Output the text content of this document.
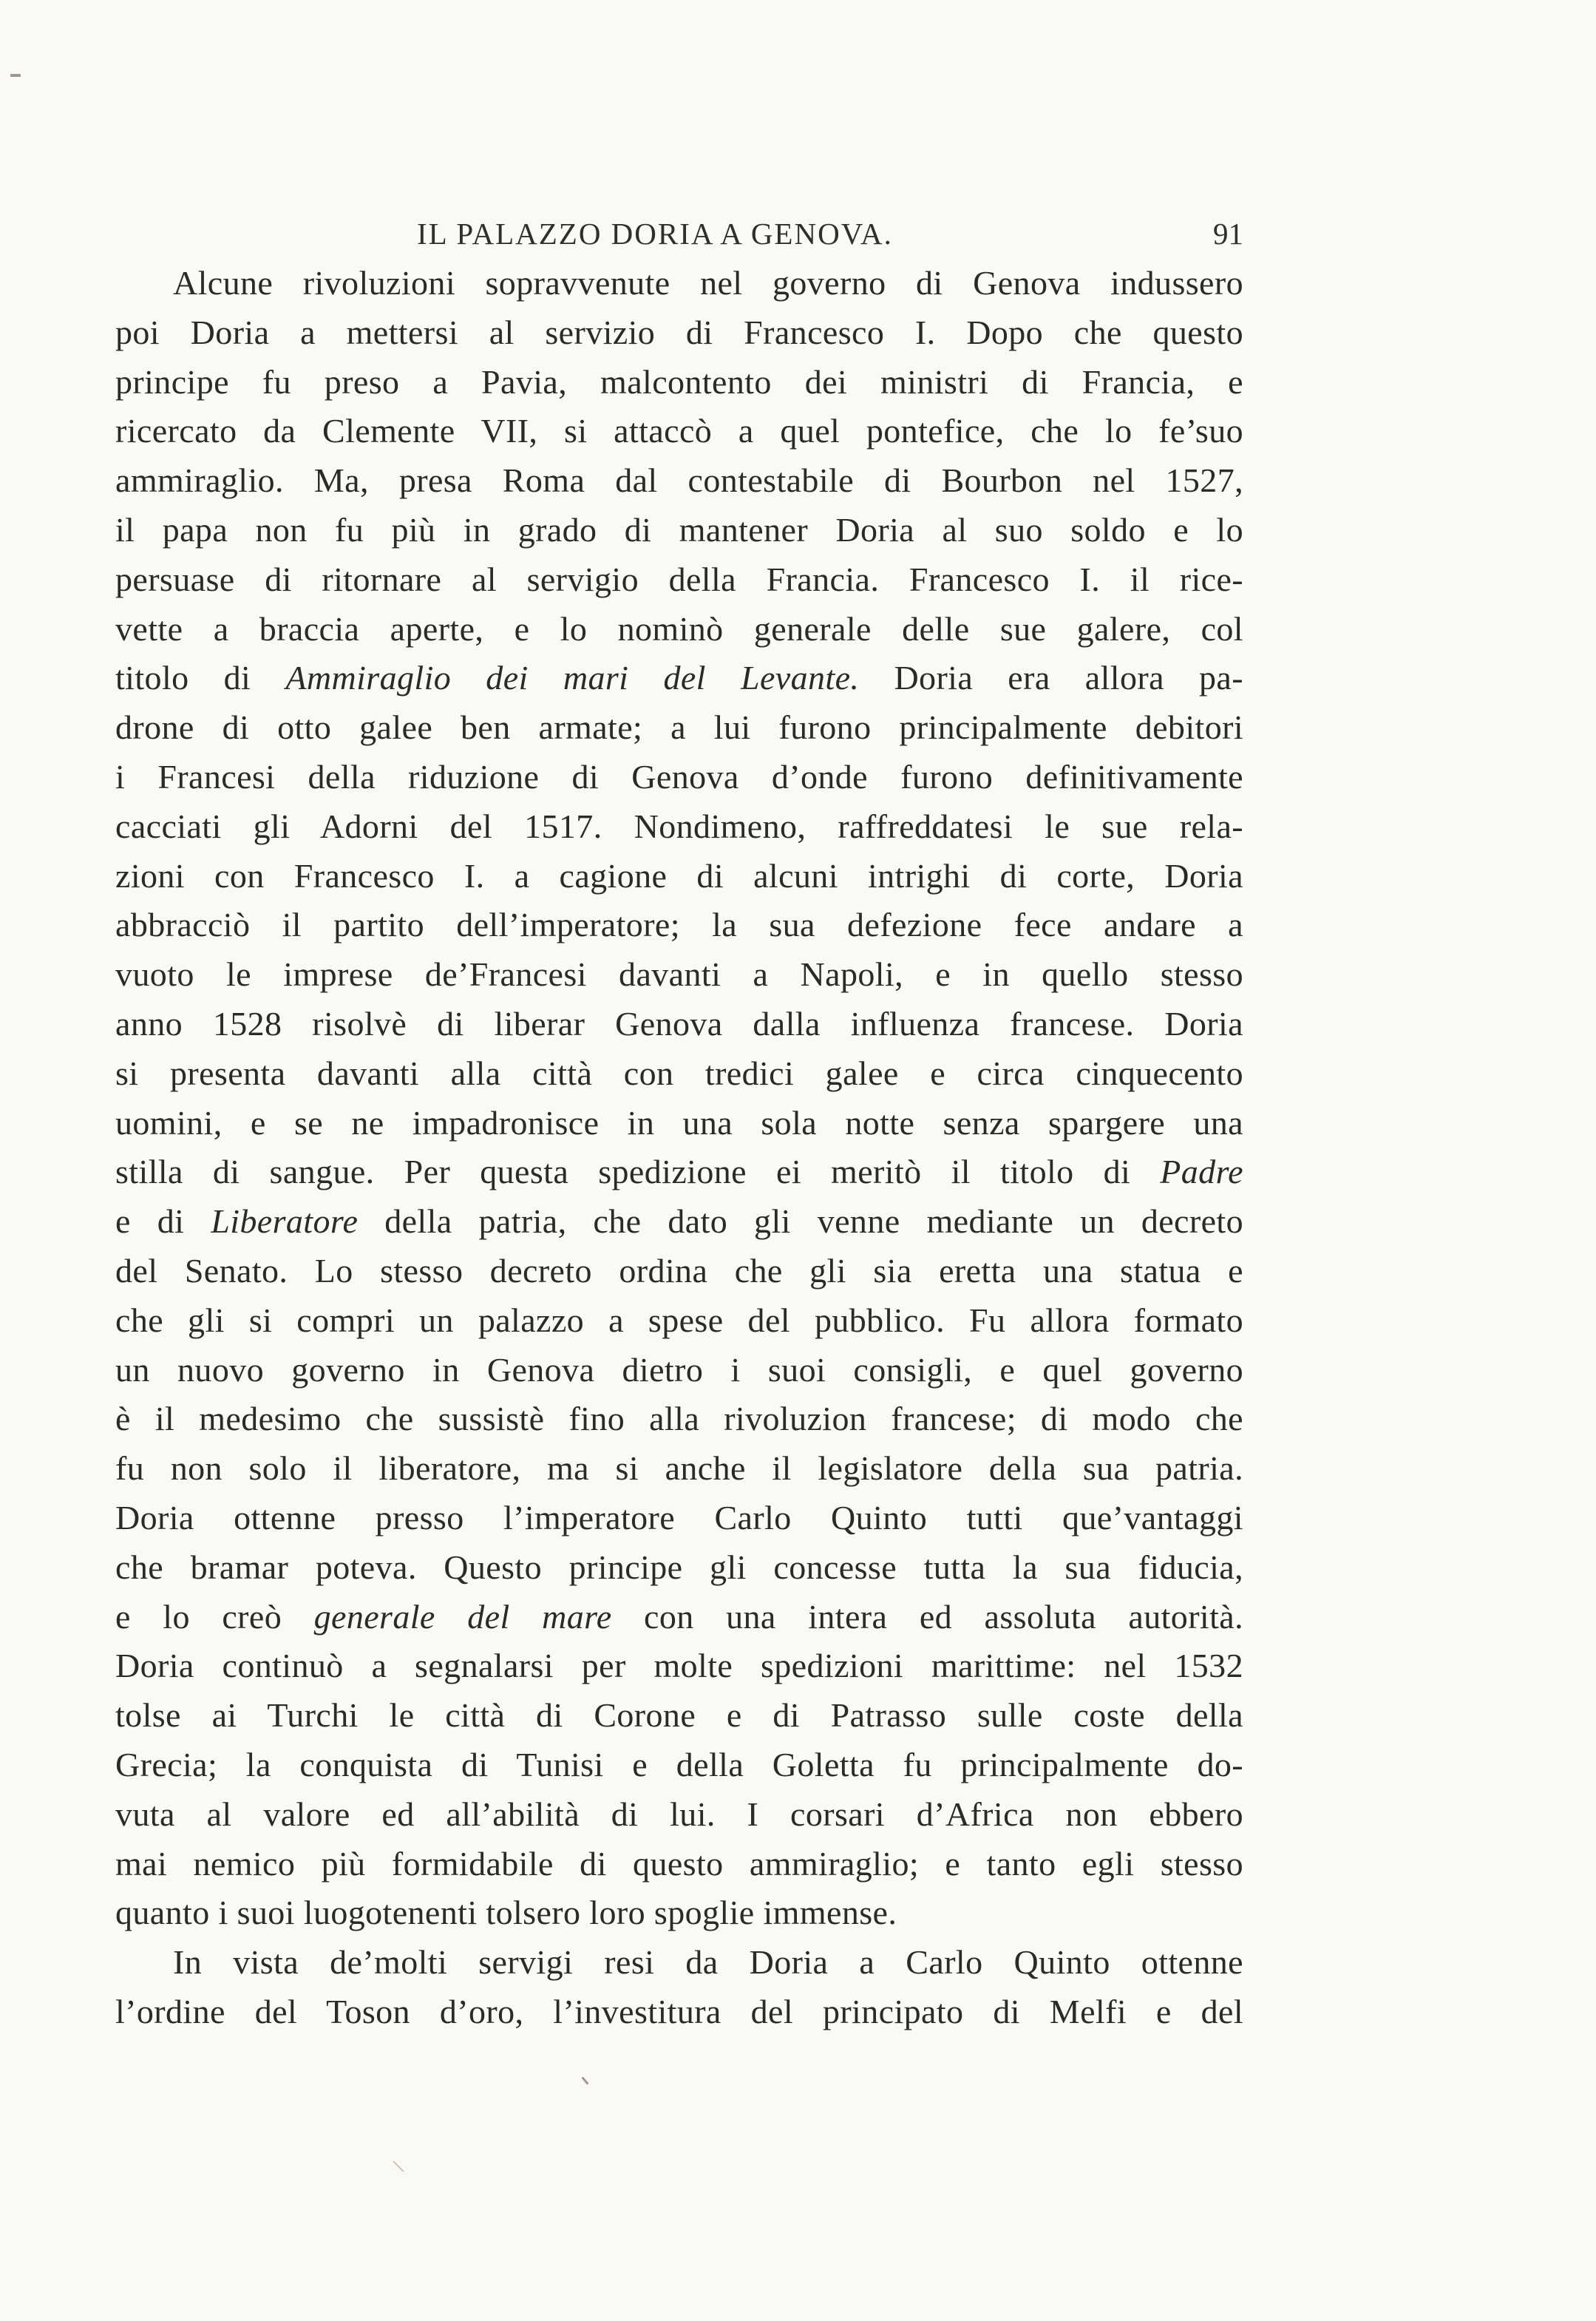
IL PALAZZO DORIA A GENOVA.	91
Alcune rivoluzioni sopravvenute nel governo di Genova indussero
poi Doria a mettersi al servizio di Francesco I. Dopo che questo
principe fu preso a Pavia, malcontento dei ministri di Francia, e
ricercato da Clemente VII, si attaccò a quel pontefice, che lo fe’suo
ammiraglio. Ma, presa Roma dal contestabile di Bourbon nel 1527,
il papa non fu più in grado di mantener Doria al suo soldo e lo
persuase di ritornare al servigio della Francia. Francesco I. il rice-
vette a braccia aperte, e lo nominò generale delle sue galere, col
titolo di Ammiraglio dei mari del Levante. Doria era allora pa-
drone di otto galee ben armate; a lui furono principalmente debitori
i Francesi della riduzione di Genova d’onde furono definitivamente
cacciati gli Adorni del 1517. Nondimeno, raffreddatesi le sue rela-
zioni con Francesco I. a cagione di alcuni intrighi di corte, Doria
abbracciò il partito dell’imperatore; la sua defezione fece andare a
vuoto le imprese de’Francesi davanti a Napoli, e in quello stesso
anno 1528 risolvè di liberar Genova dalla influenza francese. Doria
si presenta davanti alla città con tredici galee e circa cinquecento
uomini, e se ne impadronisce in una sola notte senza spargere una
stilla di sangue. Per questa spedizione ei meritò il titolo di Padre
e di Liberatore della patria, che dato gli venne mediante un decreto
del Senato. Lo stesso decreto ordina che gli sia eretta una statua e
che gli si compri un palazzo a spese del pubblico. Fu allora formato
un nuovo governo in Genova dietro i suoi consigli, e quel governo
è il medesimo che sussistè fino alla rivoluzion francese; di modo che
fu non solo il liberatore, ma si anche il legislatore della sua patria.
Doria ottenne presso l’imperatore Carlo Quinto tutti que’vantaggi
che bramar poteva. Questo principe gli concesse tutta la sua fiducia,
e lo creò generale del mare con una intera ed assoluta autorità.
Doria continuò a segnalarsi per molte spedizioni marittime: nel 1532
tolse ai Turchi le città di Corone e di Patrasso sulle coste della
Grecia; la conquista di Tunisi e della Goletta fu principalmente do-
vuta al valore ed all’abilità di lui. I corsari d’Africa non ebbero
mai nemico più formidabile di questo ammiraglio; e tanto egli stesso
quanto i suoi luogotenenti tolsero loro spoglie immense.
In vista de’molti servigi resi da Doria a Carlo Quinto ottenne
l’ordine del Toson d’oro, l’investitura del principato di Melfi e del
